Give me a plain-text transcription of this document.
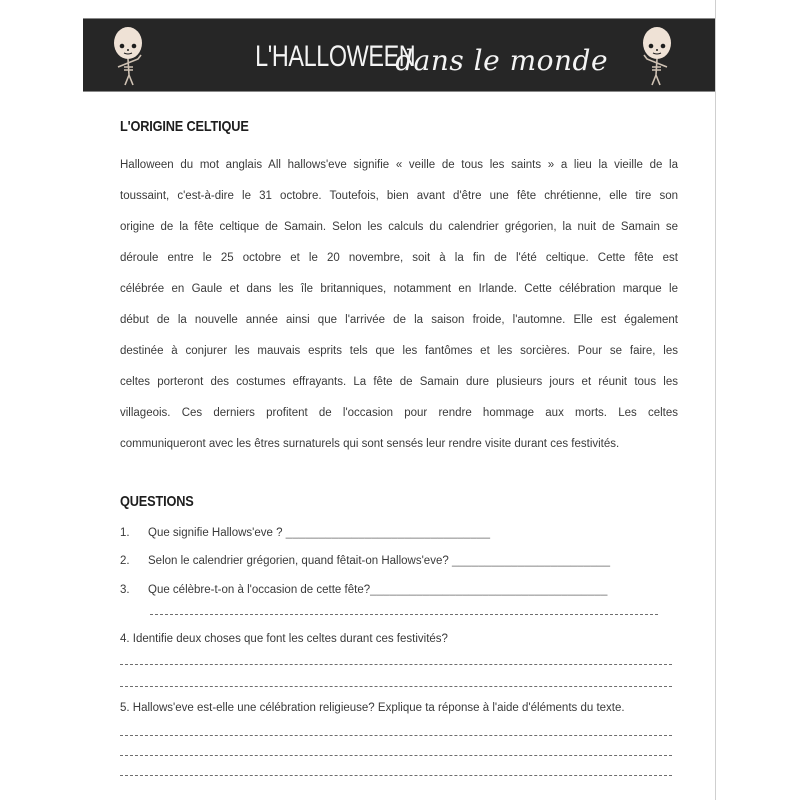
L'HALLOWEEN
dans le monde
L'ORIGINE CELTIQUE
Halloween du mot anglais All hallows'eve signifie « veille de tous les saints » a lieu la vieille de la
toussaint, c'est-à-dire le 31 octobre. Toutefois, bien avant d'être une fête chrétienne, elle tire son
origine de la fête celtique de Samain. Selon les calculs du calendrier grégorien, la nuit de Samain se
déroule entre le 25 octobre et le 20 novembre, soit à la fin de l'été celtique. Cette fête est
célébrée en Gaule et dans les île britanniques, notamment en Irlande. Cette célébration marque le
début de la nouvelle année ainsi que l'arrivée de la saison froide, l'automne. Elle est également
destinée à conjurer les mauvais esprits tels que les fantômes et les sorcières. Pour se faire, les
celtes porteront des costumes effrayants. La fête de Samain dure plusieurs jours et réunit tous les
villageois. Ces derniers profitent de l'occasion pour rendre hommage aux morts. Les celtes
communiqueront avec les êtres surnaturels qui sont sensés leur rendre visite durant ces festivités.
QUESTIONS
1. Que signifie Hallows'eve ? _______________________________
2. Selon le calendrier grégorien, quand fêtait-on Hallows'eve? ________________________
3. Que célèbre-t-on à l'occasion de cette fête?____________________________________
4. Identifie deux choses que font les celtes durant ces festivités?
5. Hallows'eve est-elle une célébration religieuse? Explique ta réponse à l'aide d'éléments du texte.
